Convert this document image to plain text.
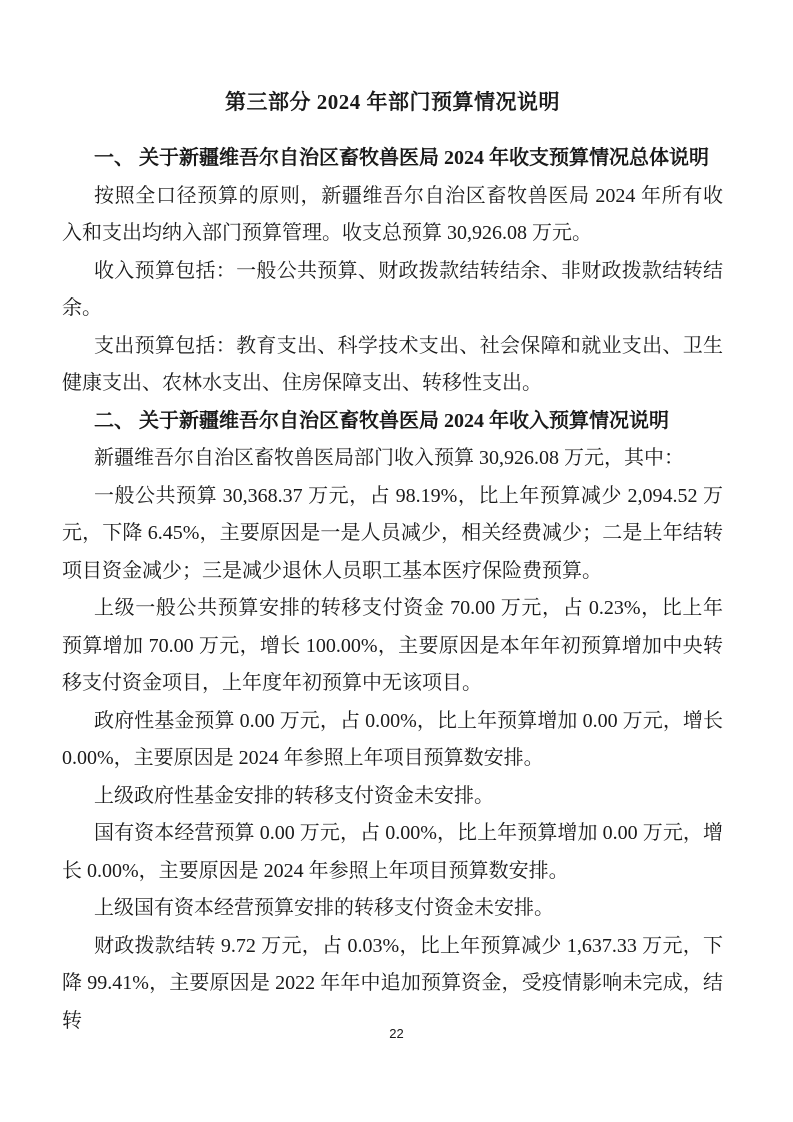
第三部分 2024 年部门预算情况说明

一、 关于新疆维吾尔自治区畜牧兽医局 2024 年收支预算情况总体说明

按照全口径预算的原则，新疆维吾尔自治区畜牧兽医局 2024 年所有收入和支出均纳入部门预算管理。收支总预算 30,926.08 万元。

收入预算包括：一般公共预算、财政拨款结转结余、非财政拨款结转结余。

支出预算包括：教育支出、科学技术支出、社会保障和就业支出、卫生健康支出、农林水支出、住房保障支出、转移性支出。

二、 关于新疆维吾尔自治区畜牧兽医局 2024 年收入预算情况说明

新疆维吾尔自治区畜牧兽医局部门收入预算 30,926.08 万元，其中：

一般公共预算 30,368.37 万元，占 98.19%，比上年预算减少 2,094.52 万元，下降 6.45%，主要原因是一是人员减少，相关经费减少；二是上年结转项目资金减少；三是减少退休人员职工基本医疗保险费预算。

上级一般公共预算安排的转移支付资金 70.00 万元，占 0.23%，比上年预算增加 70.00 万元，增长 100.00%，主要原因是本年年初预算增加中央转移支付资金项目，上年度年初预算中无该项目。

政府性基金预算 0.00 万元，占 0.00%，比上年预算增加 0.00 万元，增长 0.00%，主要原因是 2024 年参照上年项目预算数安排。

上级政府性基金安排的转移支付资金未安排。

国有资本经营预算 0.00 万元，占 0.00%，比上年预算增加 0.00 万元，增长 0.00%，主要原因是 2024 年参照上年项目预算数安排。

上级国有资本经营预算安排的转移支付资金未安排。

财政拨款结转 9.72 万元，占 0.03%，比上年预算减少 1,637.33 万元，下降 99.41%，主要原因是 2022 年年中追加预算资金，受疫情影响未完成，结转

22
